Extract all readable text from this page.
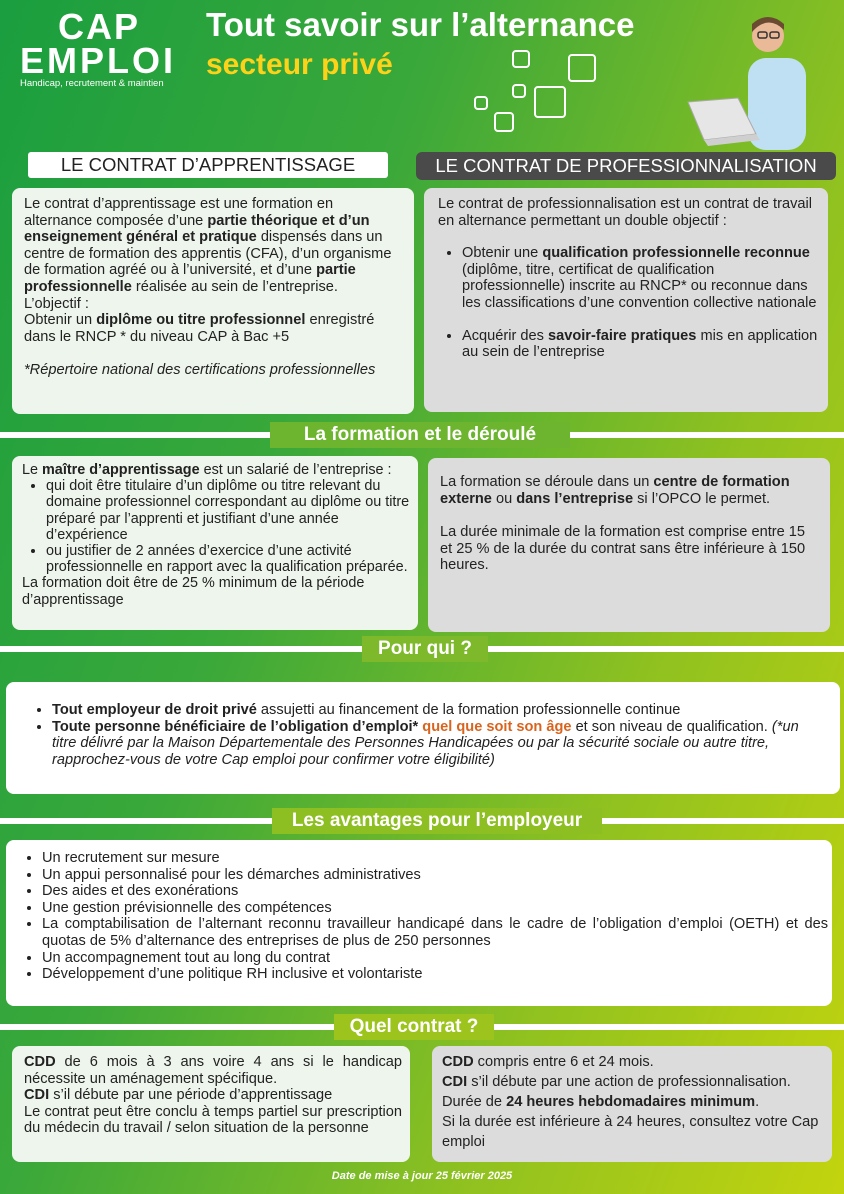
CAP
EMPLOI
Handicap, recrutement & maintien
Tout savoir sur l’alternance
secteur privé
LE CONTRAT D’APPRENTISSAGE	LE CONTRAT DE PROFESSIONNALISATION

Le contrat d’apprentissage est une formation en alternance composée d’une partie théorique et d’un enseignement général et pratique dispensés dans un centre de formation des apprentis (CFA), d’un organisme de formation agréé ou à l’université, et d’une partie professionnelle réalisée au sein de l’entreprise.

L’objectif :

Obtenir un diplôme ou titre professionnel enregistré dans le RNCP * du niveau CAP à Bac +5

*Répertoire national des certifications professionnelles

Le contrat de professionnalisation est un contrat de travail en alternance permettant un double objectif :

• Obtenir une qualification professionnelle reconnue (diplôme, titre, certificat de qualification professionnelle) inscrite au RNCP* ou reconnue dans les classifications d’une convention collective nationale
• Acquérir des savoir-faire pratiques mis en application au sein de l’entreprise
La formation et le déroulé

Le maître d’apprentissage est un salarié de l’entreprise :

• qui doit être titulaire d’un diplôme ou titre relevant du domaine professionnel correspondant au diplôme ou titre préparé par l’apprenti et justifiant d’une année d’expérience
• ou justifier de 2 années d’exercice d’une activité professionnelle en rapport avec la qualification préparée.

La formation doit être de 25 % minimum de la période d’apprentissage

La formation se déroule dans un centre de formation externe ou dans l’entreprise si l’OPCO le permet.

La durée minimale de la formation est comprise entre 15 et 25 % de la durée du contrat sans être inférieure à 150 heures.

Pour qui ?
• Tout employeur de droit privé assujetti au financement de la formation professionnelle continue
• Toute personne bénéficiaire de l’obligation d’emploi* quel que soit son âge et son niveau de qualification. (*un titre délivré par la Maison Départementale des Personnes Handicapées ou par la sécurité sociale ou autre titre, rapprochez-vous de votre Cap emploi pour confirmer votre éligibilité)
Les avantages pour l’employeur
• Un recrutement sur mesure
• Un appui personnalisé pour les démarches administratives
• Des aides et des exonérations
• Une gestion prévisionnelle des compétences
• La comptabilisation de l’alternant reconnu travailleur handicapé dans le cadre de l’obligation d’emploi (OETH) et des quotas de 5% d’alternance des entreprises de plus de 250 personnes
• Un accompagnement tout au long du contrat
• Développement d’une politique RH inclusive et volontariste
Quel contrat ?

CDD de 6 mois à 3 ans voire 4 ans si le handicap nécessite un aménagement spécifique.

CDI s’il débute par une période d’apprentissage

Le contrat peut être conclu à temps partiel sur prescription du médecin du travail / selon situation de la personne

CDD compris entre 6 et 24 mois.

CDI s’il débute par une action de professionnalisation.

Durée de 24 heures hebdomadaires minimum.

Si la durée est inférieure à 24 heures, consultez votre Cap emploi

Date de mise à jour 25 février 2025
